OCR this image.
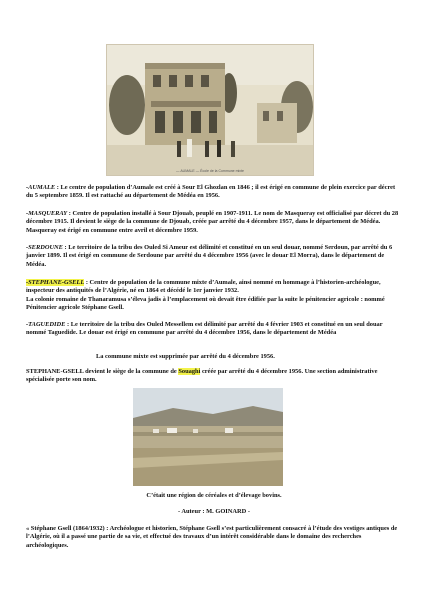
— AUMALE — École de la Commune mixte
-AUMALE : Le centre de population d’Aumale est créé à Sour El Ghozlan en 1846 ; il est érigé en commune de plein exercice par décret du 5 septembre 1859. Il est rattaché au département de Médéa en 1956.
-MASQUERAY : Centre de population installé à Sour Djouab, peuplé en 1907-1911. Le nom de Masqueray est officialisé par décret du 28 décembre 1915. Il devient le siège de la commune de Djouab, créée par arrêté du 4 décembre 1957, dans le département de Médéa. Masqueray est érigé en commune entre avril et décembre 1959.
-SERDOUNE : Le territoire de la tribu des Ouled Si Ameur est délimité et constitué en un seul douar, nommé Serdoun, par arrêté du 6 janvier 1899. Il est érigé en commune de Serdoune par arrêté du 4 décembre 1956 (avec le douar El Morra), dans le département de Médéa.
-STEPHANE-GSELL : Centre de population de la commune mixte d’Aumale, ainsi nommé en hommage à l’historien-archéologue, inspecteur des antiquités de l’Algérie, né en 1864 et décédé le 1er janvier 1932.
La colonie romaine de Thanaramusa s’éleva jadis à l’emplacement où devait être édifiée par la suite le pénitencier agricole : nommé Pénitencier agricole Stéphane Gsell.
-TAGUEDIDE : Le territoire de la tribu des Ouled Messellem est délimité par arrêté du 4 février 1903 et constitué en un seul douar nommé Taguedide. Le douar est érigé en commune par arrêté du 4 décembre 1956, dans le département de Médéa
La commune mixte est supprimée par arrêté du 4 décembre 1956.
STEPHANE-GSELL devient le siège de la commune de Souaghi créée par arrêté du 4 décembre 1956. Une section administrative spécialisée porte son nom.
C’était une région de céréales et d’élevage bovins.
- Auteur : M. GOINARD -
« Stéphane Gsell (1864/1932) : Archéologue et historien, Stéphane Gsell s’est particulièrement consacré à l’étude des vestiges antiques de l’Algérie, où il a passé une partie de sa vie, et effectué des travaux d’un intérêt considérable dans le domaine des recherches archéologiques.
